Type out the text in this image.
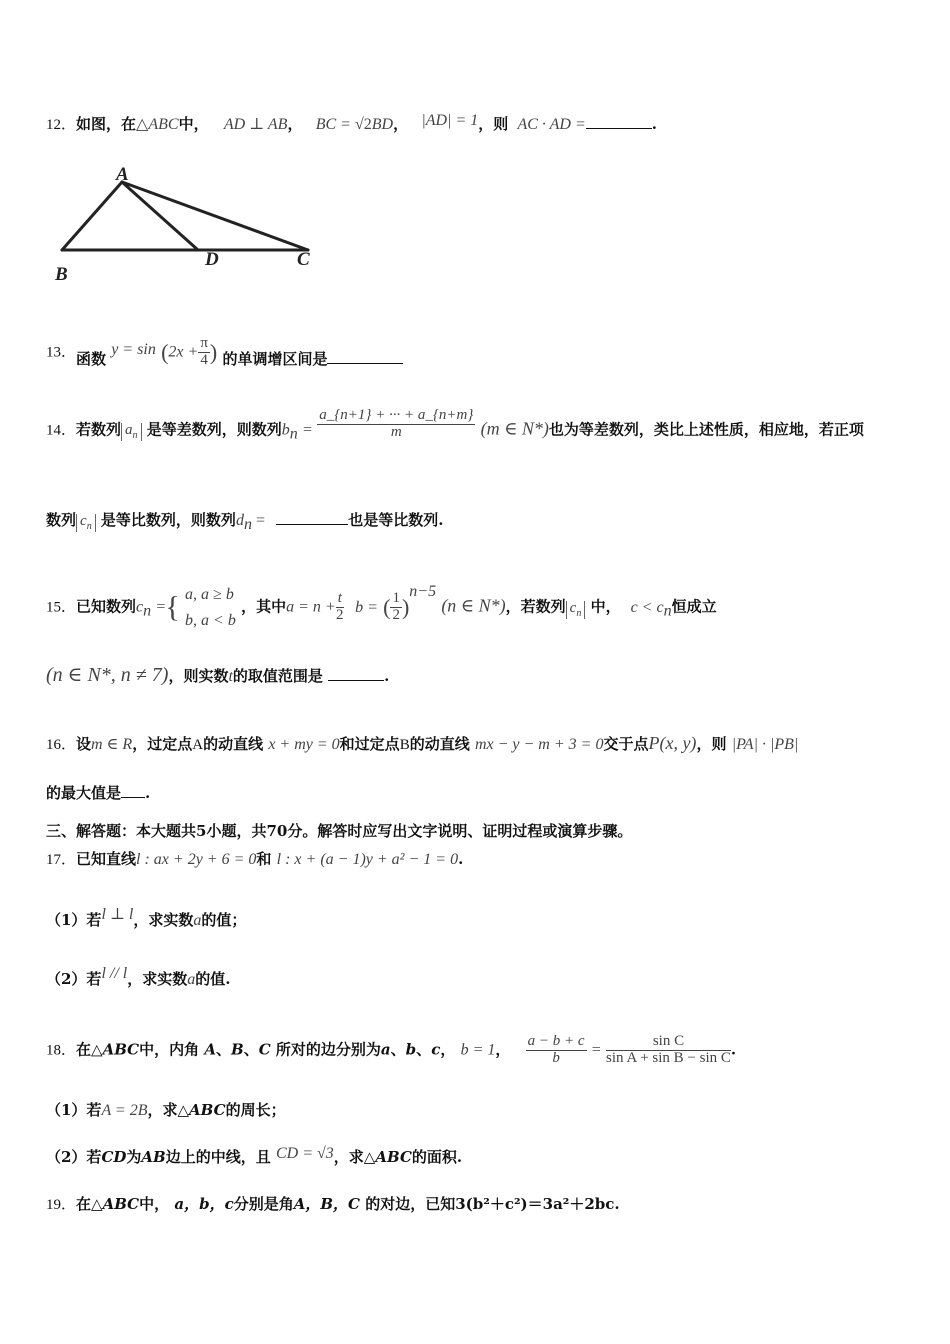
12．如图，在△ABC中， AD ⊥ AB， BC = √2BD， |AD| = 1，则 AC · AD =	.
A
B
D	C
13．函数 $y = \sin (2x + \frac{\pi}{4}$ ) 的单调增区间是
14．若数列 $a_n$ 是等差数列，则数列$b_n = \frac{a\_\{n+1\} + \cdot\cdot\cdot + a\_\{n+m\}}{m} (m$ ∈ N*)也为等差数列，类比上述性质，相应地，若正项
数列 $c_n$ 是等比数列，则数列$d_n$ =	也是等比数列.
15．已知数列$c_n$ ={ a, a ≥ b
b, a < b
，其中$a = n + \frac{t}{2}$ b = ( $\frac{1}{2} )^{n-5}$ (n ∈ N*)，若数列 $c_n$ 中， $c < c_n$恒成立
(n ∈ N*, n ≠ 7)，则实数t的取值范围是	.
16．设m ∈ R，过定点A的动直线 x + my = 0和过定点B的动直线 mx − y − m + 3 = 0交于点P(x, y)，则 |PA| · |PB|
的最大值是 .
三、解答题：本大题共5小题，共70分。解答时应写出文字说明、证明过程或演算步骤。
17．已知直线l : ax + 2y + 6 = 0和 l : x + (a − 1)y + a² − 1 = 0.
（1）若l ⊥ l，求实数a的值；
（2）若l // l，求实数a的值.
18．在△ABC中，内角 A、B、C 所对的边分别为a、b、c， b = 1， $\frac{a - b + c}{b} = \frac{\text{sin C}}{\text{sin A + sin B − sin C}}$ .
（1）若A = 2B，求△ABC的周长；
（2）若CD为AB边上的中线，且 CD = √3，求△ABC的面积.
19．在△ABC中， a，b，c分别是角A，B，C 的对边，已知3(b²＋c²)＝3a²＋2bc.
